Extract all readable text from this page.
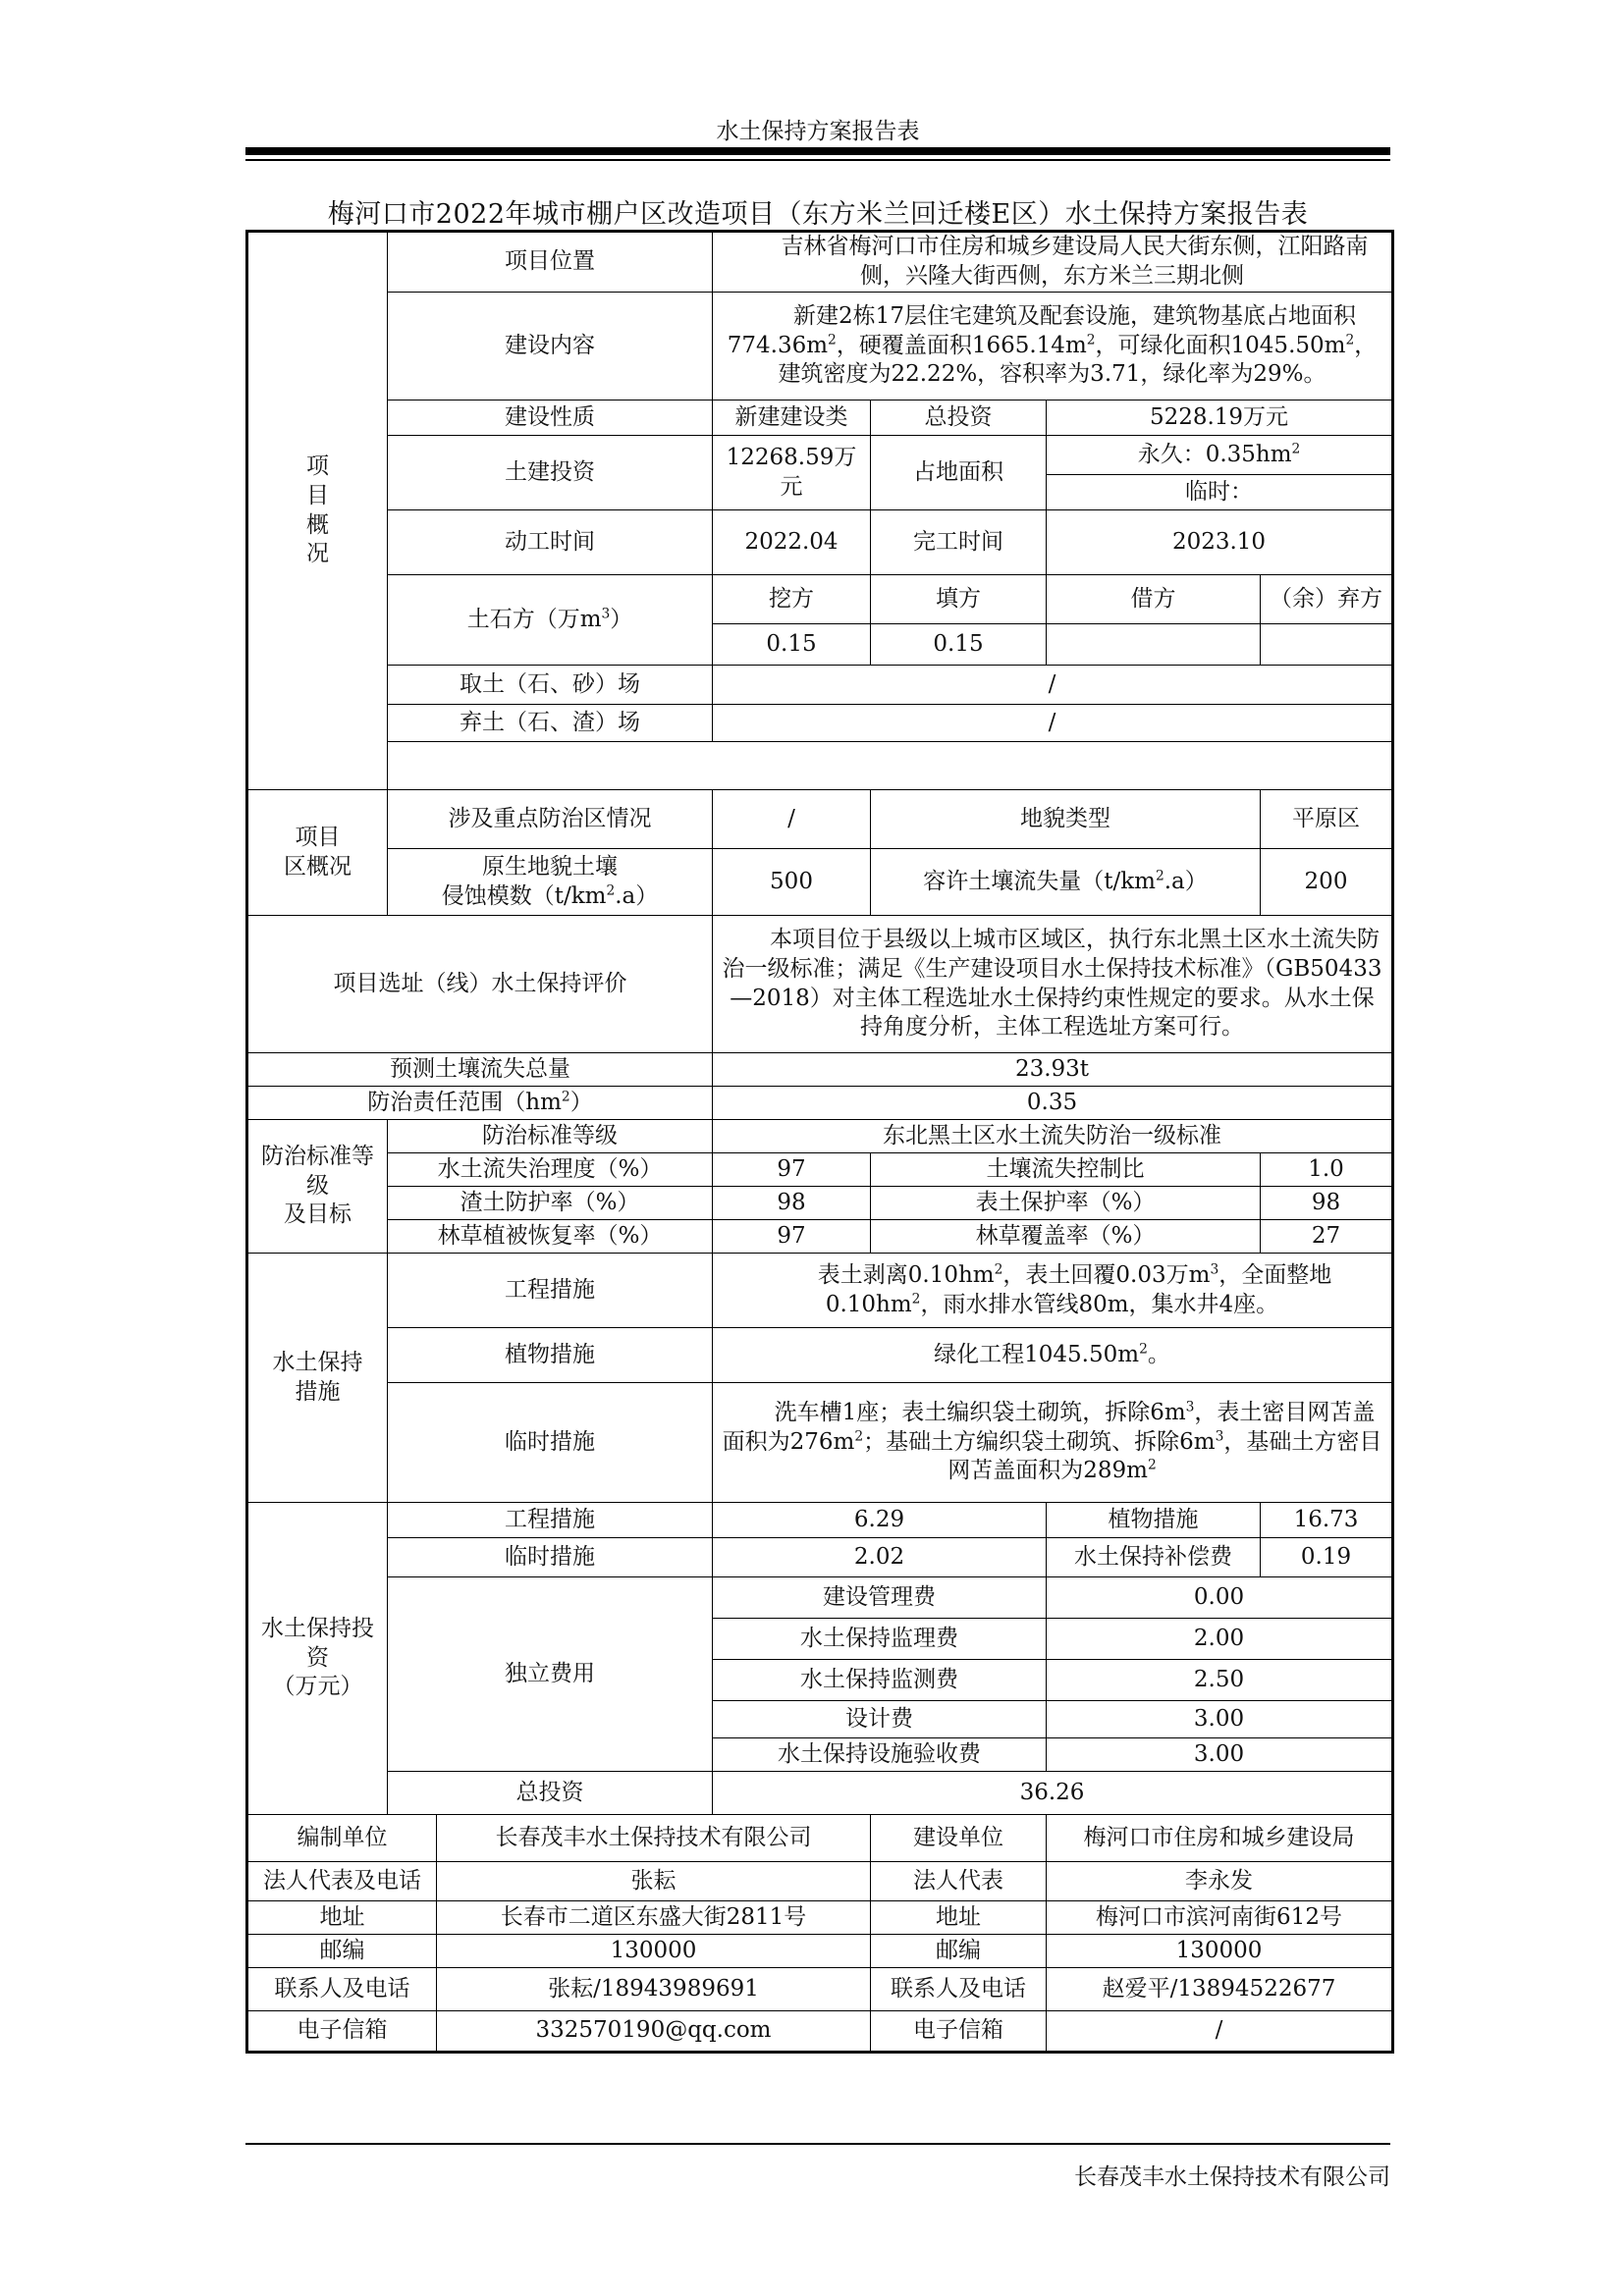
水土保持方案报告表
梅河口市2022年城市棚户区改造项目（东方米兰回迁楼E区）水土保持方案报告表
项
目
概
况	项目位置		吉林省梅河口市住房和城乡建设局人民大街东侧，江阳路南侧，兴隆大街西侧，东方米兰三期北侧			
	建设内容		新建2栋17层住宅建筑及配套设施，建筑物基底占地面积$774.36m^2$，硬覆盖面积$1665.14m^2$，可绿化面积$1045.50m^2$，建筑密度为22.22%，容积率为3.71，绿化率为29%。			
	建设性质		新建建设类	总投资	5228.19万元	
	土建投资		12268.59万元	占地面积	永久：$0.35hm^2$
					临时：	
	动工时间		2022.04	完工时间	2023.10	
	土石方（万$m^3$）		挖方	填方	借方	（余）弃方
			0.15	0.15		
	取土（石、砂）场		/			
	弃土（石、渣）场		/			

项目
区概况	涉及重点防治区情况		/	地貌类型		平原区
	原生地貌土壤
侵蚀模数$(t/km^2.a)$		500	容许土壤流失量$(t/km^2.a)$		200
项目选址（线）水土保持评价			本项目位于县级以上城市区域区，执行东北黑土区水土流失防治一级标准；满足《生产建设项目水土保持技术标准》（GB50433—2018）对主体工程选址水土保持约束性规定的要求。从水土保持角度分析，主体工程选址方案可行。			
预测土壤流失总量			23.93t			
防治责任范围$(hm^2)$			0.35			
防治标准等
级
及目标	防治标准等级		东北黑土区水土流失防治一级标准			
	水土流失治理度（%）		97	土壤流失控制比		1.0
	渣土防护率（%）		98	表土保护率（%）		98
	林草植被恢复率（%）		97	林草覆盖率（%）		27
水土保持
措施	工程措施		表土剥离$0.10hm^2$，表土回覆0.03万$m^3$，全面整地$0.10hm^2$，雨水排水管线80m，集水井4座。			
	植物措施		绿化工程$1045.50m^2$。			
	临时措施		洗车槽1座；表土编织袋土砌筑，拆除$6m^3$，表土密目网苫盖面积为$276m^2$；基础土方编织袋土砌筑、拆除$6m^3$，基础土方密目网苫盖面积为$289m^2$
水土保持投
资
（万元）	工程措施		6.29		植物措施	16.73
	临时措施		2.02		水土保持补偿费	0.19
	独立费用		建设管理费		0.00	
			水土保持监理费		2.00	
			水土保持监测费		2.50	
			设计费		3.00	
			水土保持设施验收费		3.00	
	总投资		36.26			
编制单位		长春茂丰水土保持技术有限公司		建设单位	梅河口市住房和城乡建设局	
法人代表及电话		张耘		法人代表	李永发	
地址		长春市二道区东盛大街2811号		地址	梅河口市滨河南街612号	
邮编		130000		邮编	130000	
联系人及电话		张耘/18943989691		联系人及电话	赵爱平/13894522677	
电子信箱		332570190@qq.com		电子信箱	/	
长春茂丰水土保持技术有限公司
